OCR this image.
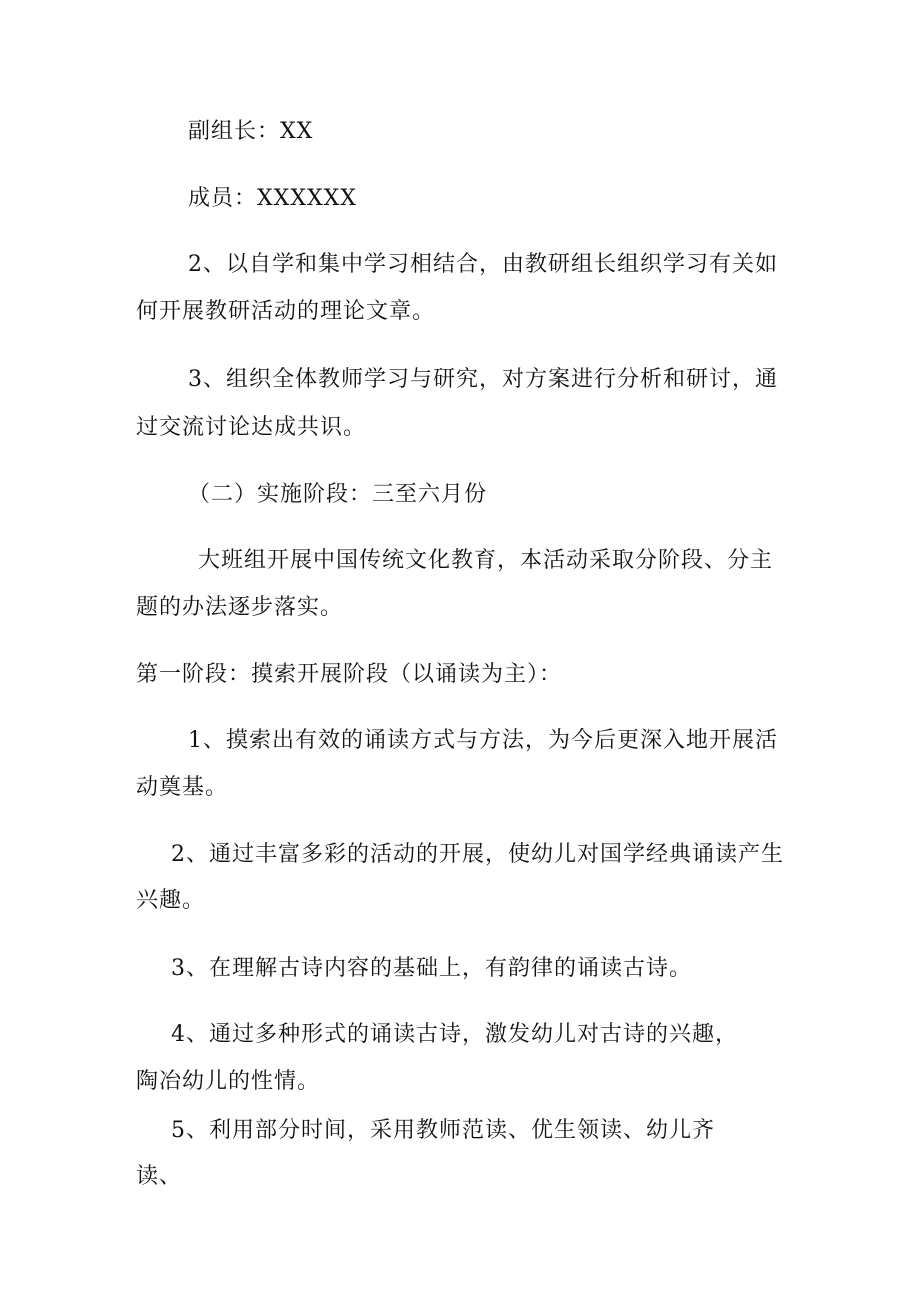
副组长：XX
成员：XXXXXX
2、以自学和集中学习相结合，由教研组长组织学习有关如
何开展教研活动的理论文章。
3、组织全体教师学习与研究，对方案进行分析和研讨，通
过交流讨论达成共识。
（二）实施阶段：三至六月份
大班组开展中国传统文化教育，本活动采取分阶段、分主
题的办法逐步落实。
第一阶段：摸索开展阶段（以诵读为主）：
1、摸索出有效的诵读方式与方法，为今后更深入地开展活
动奠基。
2、通过丰富多彩的活动的开展，使幼儿对国学经典诵读产生
兴趣。
3、在理解古诗内容的基础上，有韵律的诵读古诗。
4、通过多种形式的诵读古诗，激发幼儿对古诗的兴趣，
陶冶幼儿的性情。
5、利用部分时间，采用教师范读、优生领读、幼儿齐
读、
